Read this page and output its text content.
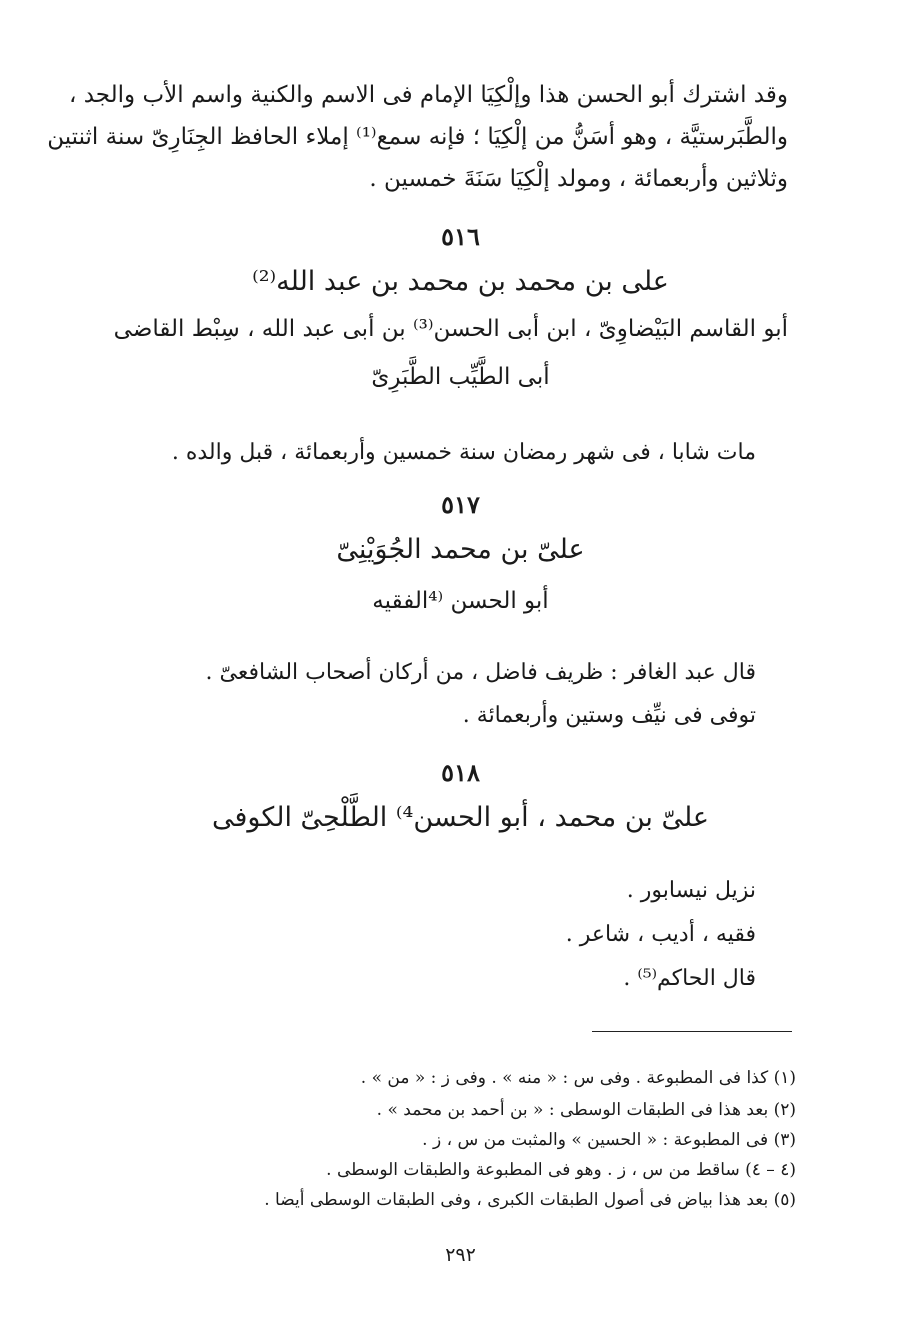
وقد اشترك أبو الحسن هذا وإلْكِيَا الإمام فى الاسم والكنية واسم الأب والجد ،
والطَّبَرستيَّة ، وهو أسَنُّ من إلْكِيَا ؛ فإنه سمع⁽¹⁾ إملاء الحافظ الجِنَارِىّ سنة اثنتين
وثلاثين وأربعمائة ، ومولد إلْكِيَا سَنَةَ خمسين .
٥١٦
على بن محمد بن محمد بن عبد الله⁽²⁾
أبو القاسم البَيْضاوِىّ ، ابن أبى الحسن⁽³⁾ بن أبى عبد الله ، سِبْط القاضى
أبى الطَّيِّب الطَّبَرِىّ
مات شابا ، فى شهر رمضان سنة خمسين وأربعمائة ، قبل والده .
٥١٧
علىّ بن محمد الجُوَيْنِىّ
أبو الحسن ⁽⁴الفقيه
قال عبد الغافر : ظريف فاضل ، من أركان أصحاب الشافعىّ .
توفى فى نيِّف وستين وأربعمائة .
٥١٨
علىّ بن محمد ، أبو الحسن⁴⁾ الطَّلْحِىّ الكوفى
نزيل نيسابور .
فقيه ، أديب ، شاعر .
قال الحاكم⁽⁵⁾ .
(١) كذا فى المطبوعة . وفى س : « منه » . وفى ز : « من » .
(٢) بعد هذا فى الطبقات الوسطى : « بن أحمد بن محمد » .
(٣) فى المطبوعة : « الحسين » والمثبت من س ، ز .
(٤ – ٤) ساقط من س ، ز . وهو فى المطبوعة والطبقات الوسطى .
(٥) بعد هذا بياض فى أصول الطبقات الكبرى ، وفى الطبقات الوسطى أيضا .
٢٩٢
